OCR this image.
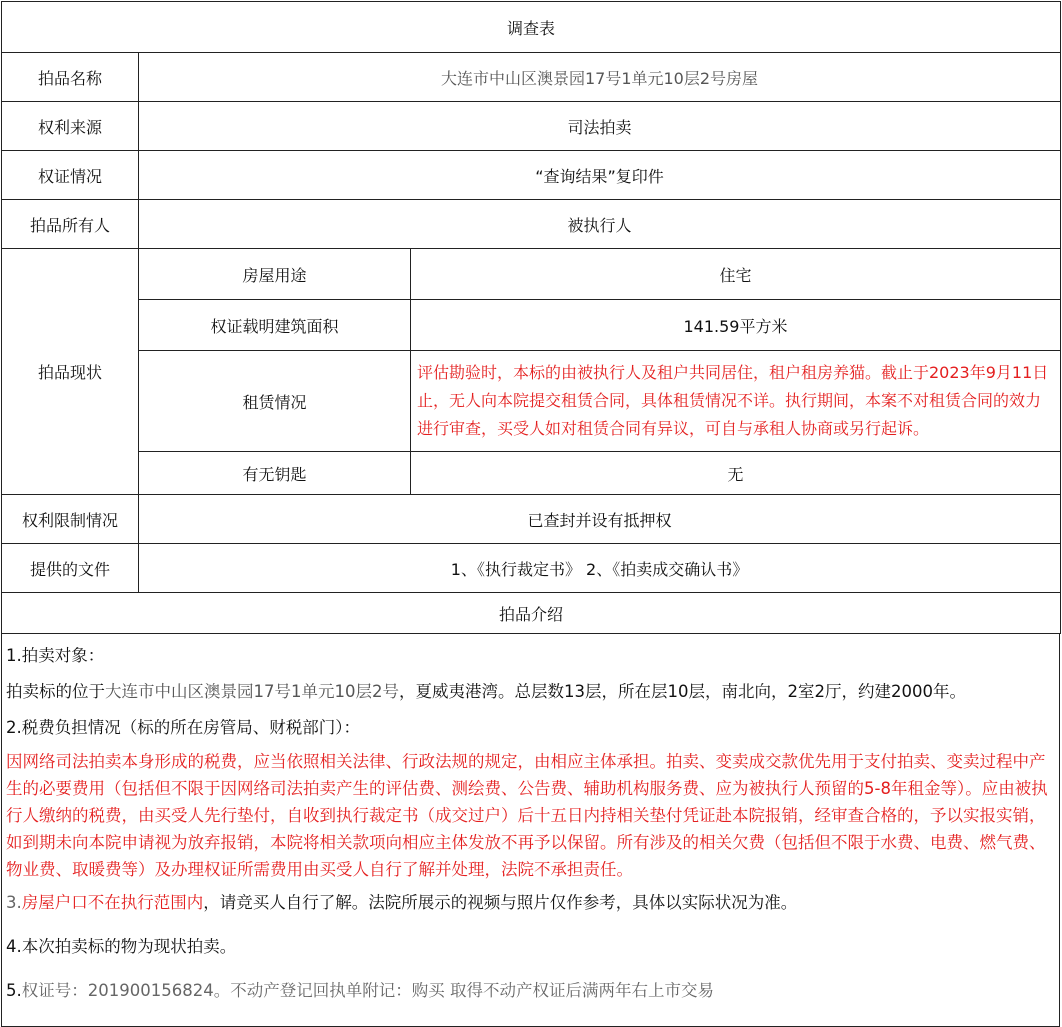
调查表		
拍品名称	大连市中山区澳景园17号1单元10层2号房屋	
权利来源	司法拍卖	
权证情况	“查询结果”复印件	
拍品所有人	被执行人	
拍品现状	房屋用途	住宅
	权证载明建筑面积	141.59平方米
	租赁情况	评估勘验时，本标的由被执行人及租户共同居住，租户租房养猫。截止于2023年9月11日止，无人向本院提交租赁合同，具体租赁情况不详。执行期间，本案不对租赁合同的效力进行审查，买受人如对租赁合同有异议，可自与承租人协商或另行起诉。
	有无钥匙	无
权利限制情况	已查封并设有抵押权	
提供的文件	1、《执行裁定书》 2、《拍卖成交确认书》	
拍品介绍		

1.拍卖对象：

拍卖标的位于大连市中山区澳景园17号1单元10层2号，夏威夷港湾。总层数13层，所在层10层，南北向，2室2厅，约建2000年。

2.税费负担情况（标的所在房管局、财税部门）：

因网络司法拍卖本身形成的税费，应当依照相关法律、行政法规的规定，由相应主体承担。拍卖、变卖成交款优先用于支付拍卖、变卖过程中产生的必要费用（包括但不限于因网络司法拍卖产生的评估费、测绘费、公告费、辅助机构服务费、应为被执行人预留的5-8年租金等）。应由被执行人缴纳的税费，由买受人先行垫付，自收到执行裁定书（成交过户）后十五日内持相关垫付凭证赴本院报销，经审查合格的，予以实报实销，如到期未向本院申请视为放弃报销，本院将相关款项向相应主体发放不再予以保留。所有涉及的相关欠费（包括但不限于水费、电费、燃气费、物业费、取暖费等）及办理权证所需费用由买受人自行了解并处理，法院不承担责任。

3.房屋户口不在执行范围内，请竞买人自行了解。法院所展示的视频与照片仅作参考，具体以实际状况为准。

4.本次拍卖标的物为现状拍卖。

5.权证号：201900156824。不动产登记回执单附记：购买 取得不动产权证后满两年右上市交易
